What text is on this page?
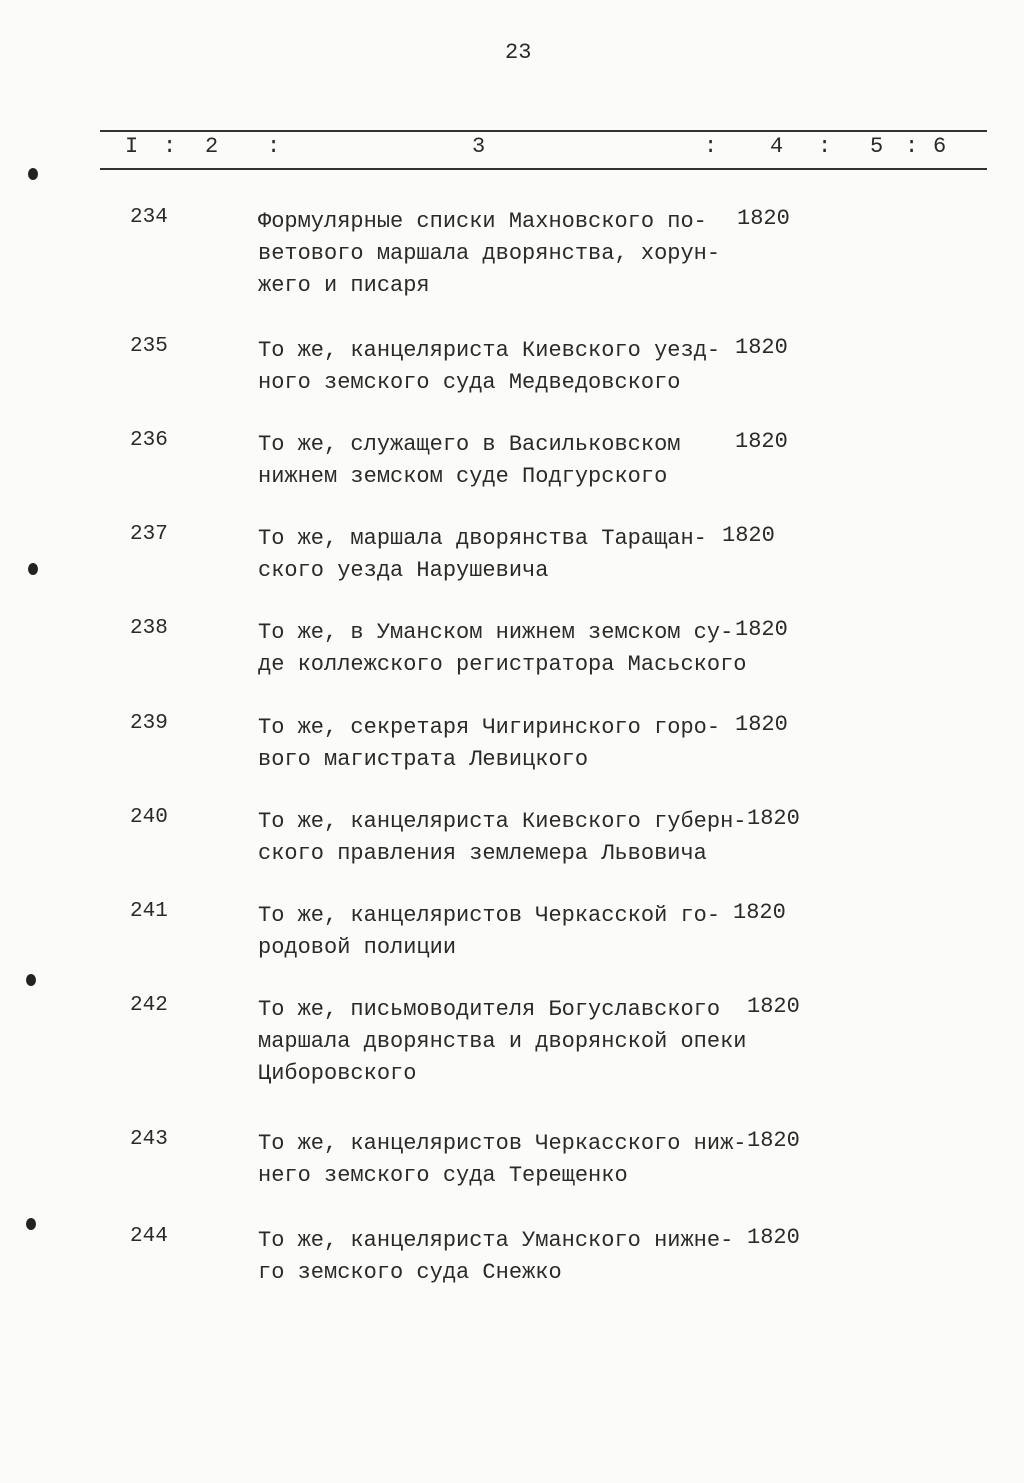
23
I : 2 :	3	: 4 : 5 : 6
234	Формулярные списки Махновского по-
ветового маршала дворянства, хорун-
жего и писаря
1820
235	То же, канцеляриста Киевского уезд-
ного земского суда Медведовского
1820
236	То же, служащего в Васильковском
нижнем земском суде Подгурского
1820
237	То же, маршала дворянства Таращан-
ского уезда Нарушевича
1820
238	То же, в Уманском нижнем земском су-
де коллежского регистратора Масьского
1820
239	То же, секретаря Чигиринского горо-
вого магистрата Левицкого
1820
240	То же, канцеляриста Киевского губерн-
ского правления землемера Львовича
1820
241	То же, канцеляристов Черкасской го-
родовой полиции
1820
242	То же, письмоводителя Богуславского
маршала дворянства и дворянской опеки
Циборовского
1820
243	То же, канцеляристов Черкасского ниж-
него земского суда Терещенко
1820
244	То же, канцеляриста Уманского нижне-
го земского суда Снежко
1820
